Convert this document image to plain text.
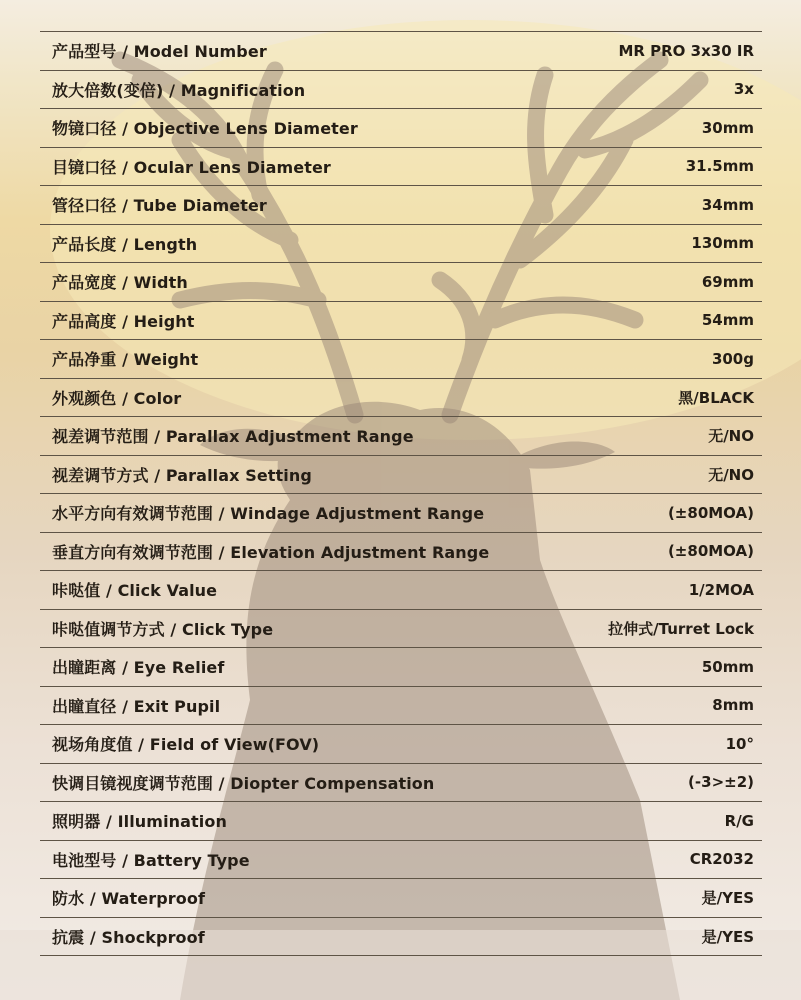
产品型号 / Model Number	MR PRO 3x30 IR
放大倍数(变倍) / Magnification	3x
物镜口径 / Objective Lens Diameter	30mm
目镜口径 / Ocular Lens Diameter	31.5mm
管径口径 / Tube Diameter	34mm
产品长度 / Length	130mm
产品宽度 / Width	69mm
产品高度 / Height	54mm
产品净重 / Weight	300g
外观颜色 / Color	黑/BLACK
视差调节范围 / Parallax Adjustment Range	无/NO
视差调节方式 / Parallax Setting	无/NO
水平方向有效调节范围 / Windage Adjustment Range	(±80MOA)
垂直方向有效调节范围 / Elevation Adjustment Range	(±80MOA)
咔哒值 / Click Value	1/2MOA
咔哒值调节方式 / Click Type	拉伸式/Turret Lock
出瞳距离 / Eye Relief	50mm
出瞳直径 / Exit Pupil	8mm
视场角度值 / Field of View(FOV)	10°
快调目镜视度调节范围 / Diopter Compensation	(-3>±2)
照明器 / Illumination	R/G
电池型号 / Battery Type	CR2032
防水 / Waterproof	是/YES
抗震 / Shockproof	是/YES
